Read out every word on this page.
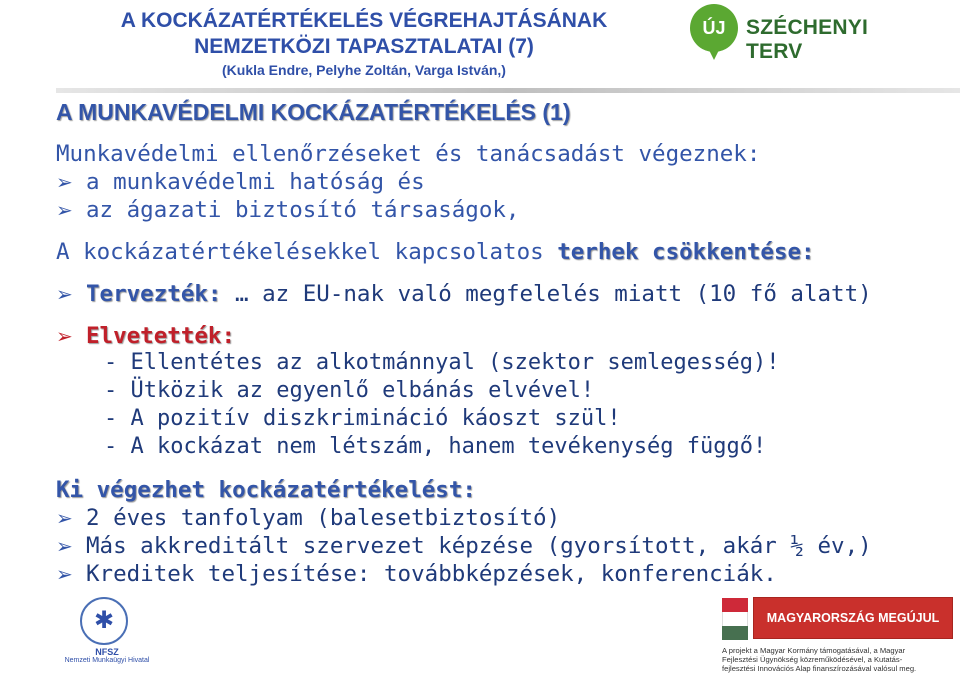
A KOCKÁZATÉRTÉKELÉS VÉGREHAJTÁSÁNAK
NEMZETKÖZI TAPASZTALATAI (7)
(Kukla Endre, Pelyhe Zoltán, Varga István,)
ÚJ SZÉCHENYI TERV
A MUNKAVÉDELMI KOCKÁZATÉRTÉKELÉS (1)
Munkavédelmi ellenőrzéseket és tanácsadást végeznek:
➢ a munkavédelmi hatóság és
➢ az ágazati biztosító társaságok,
A kockázatértékelésekkel kapcsolatos terhek csökkentése:
➢ Tervezték: … az EU-nak való megfelelés miatt (10 fő alatt)
➢ Elvetették:
- Ellentétes az alkotmánnyal (szektor semlegesség)!
- Ütközik az egyenlő elbánás elvével!
- A pozitív diszkrimináció káoszt szül!
- A kockázat nem létszám, hanem tevékenység függő!
Ki végezhet kockázatértékelést:
➢ 2 éves tanfolyam (balesetbiztosító)
➢ Más akkreditált szervezet képzése (gyorsított, akár ½ év,)
➢ Kreditek teljesítése: továbbképzések, konferenciák.
✱
NFSZ
Nemzeti Munkaügyi Hivatal
MAGYARORSZÁG MEGÚJUL
A projekt a Magyar Kormány támogatásával, a Magyar
Fejlesztési Ügynökség közreműködésével, a Kutatás-
fejlesztési Innovációs Alap finanszírozásával valósul meg.
